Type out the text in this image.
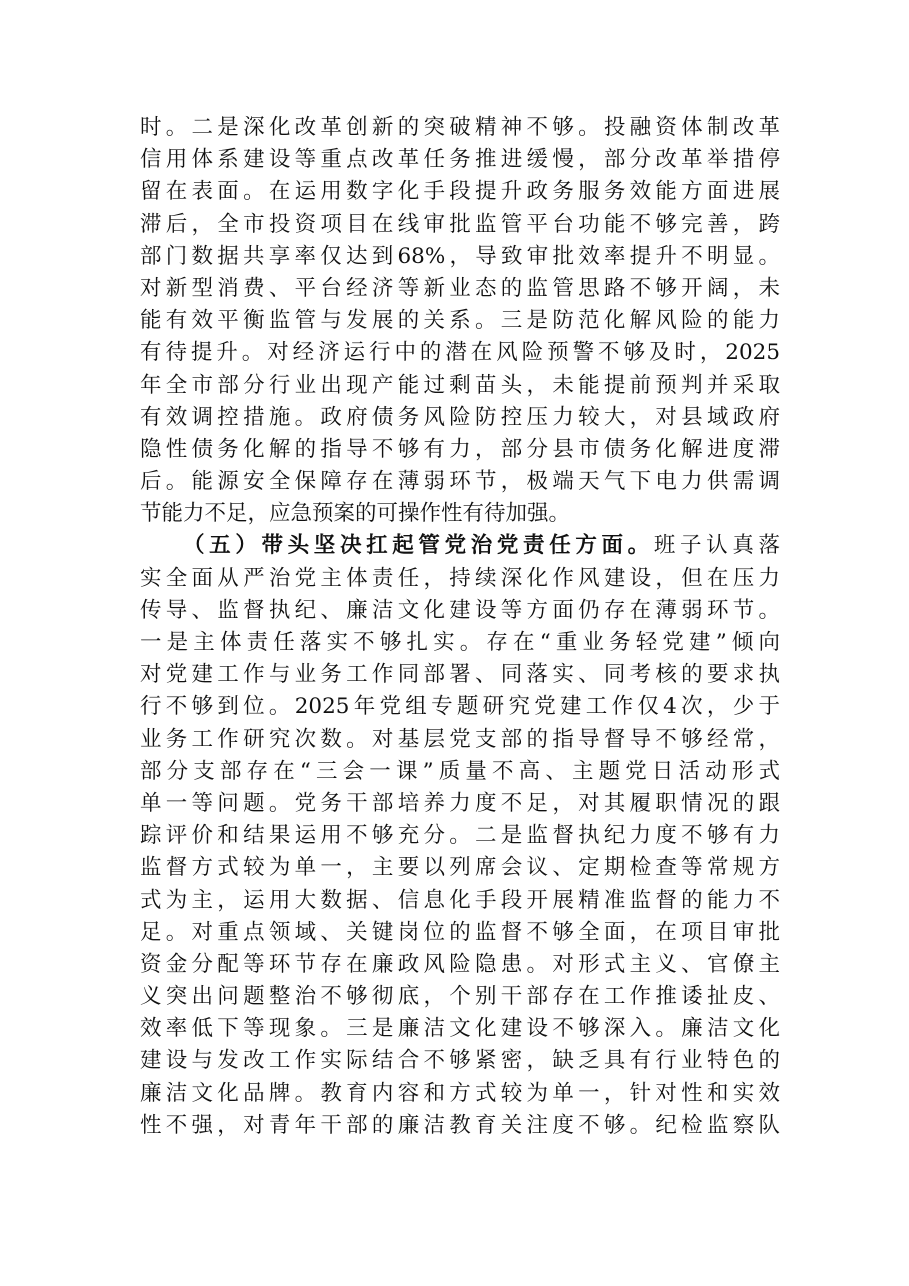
时。二是深化改革创新的突破精神不够。投融资体制改革
信用体系建设等重点改革任务推进缓慢，部分改革举措停
留在表面。在运用数字化手段提升政务服务效能方面进展
滞后，全市投资项目在线审批监管平台功能不够完善，跨
部门数据共享率仅达到68%，导致审批效率提升不明显。
对新型消费、平台经济等新业态的监管思路不够开阔，未
能有效平衡监管与发展的关系。三是防范化解风险的能力
有待提升。对经济运行中的潜在风险预警不够及时，2025
年全市部分行业出现产能过剩苗头，未能提前预判并采取
有效调控措施。政府债务风险防控压力较大，对县域政府
隐性债务化解的指导不够有力，部分县市债务化解进度滞
后。能源安全保障存在薄弱环节，极端天气下电力供需调
节能力不足，应急预案的可操作性有待加强。
（五）带头坚决扛起管党治党责任方面。班子认真落
实全面从严治党主体责任，持续深化作风建设，但在压力
传导、监督执纪、廉洁文化建设等方面仍存在薄弱环节。
一是主体责任落实不够扎实。存在“重业务轻党建”倾向
对党建工作与业务工作同部署、同落实、同考核的要求执
行不够到位。2025年党组专题研究党建工作仅4次，少于
业务工作研究次数。对基层党支部的指导督导不够经常，
部分支部存在“三会一课”质量不高、主题党日活动形式
单一等问题。党务干部培养力度不足，对其履职情况的跟
踪评价和结果运用不够充分。二是监督执纪力度不够有力
监督方式较为单一，主要以列席会议、定期检查等常规方
式为主，运用大数据、信息化手段开展精准监督的能力不
足。对重点领域、关键岗位的监督不够全面，在项目审批
资金分配等环节存在廉政风险隐患。对形式主义、官僚主
义突出问题整治不够彻底，个别干部存在工作推诿扯皮、
效率低下等现象。三是廉洁文化建设不够深入。廉洁文化
建设与发改工作实际结合不够紧密，缺乏具有行业特色的
廉洁文化品牌。教育内容和方式较为单一，针对性和实效
性不强，对青年干部的廉洁教育关注度不够。纪检监察队
